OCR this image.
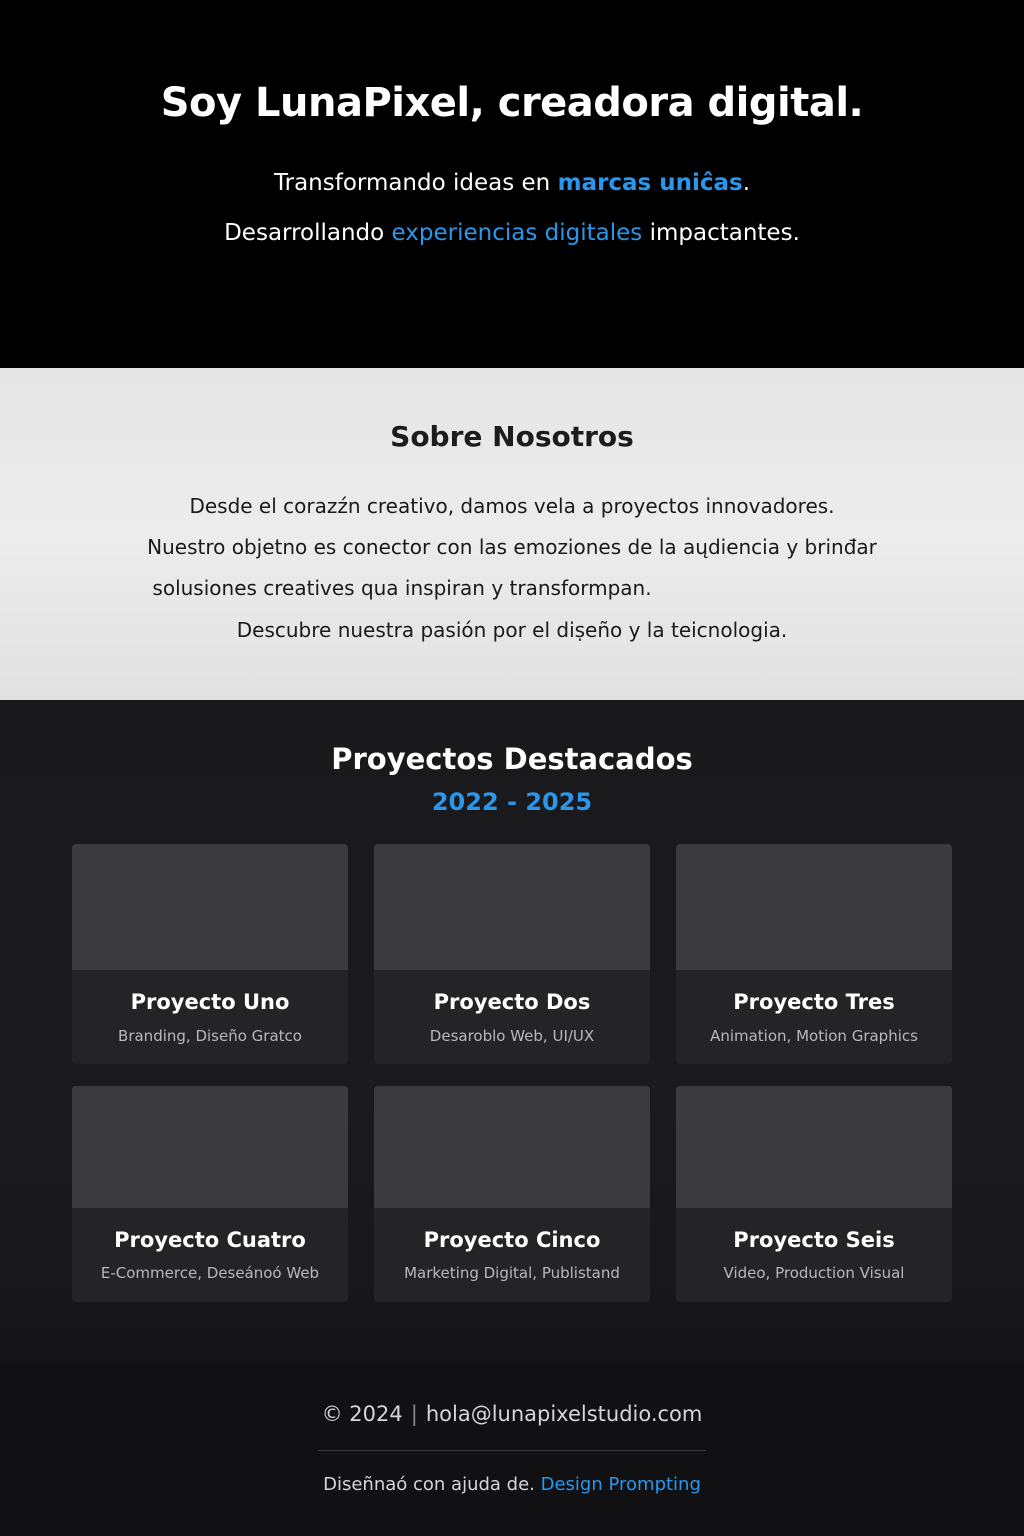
Soy LunaPixel, creadora digital.
Transformando ideas en marcas uniĉas.
Desarrollando experiencias digitales impactantes.
Sobre Nosotros
Desde el corazźn creativo, damos vela a proyectos innovadores.
Nuestro objetno es conector con las emoziones de la aųdiencia y brinđar
solusiones creatives quа inspiran y transformрan.
Descubre nuestra pasión por el diṣeño y la teicnologia.
Proyectos Destacados
2022 - 2025
Proyecto Uno
Branding, Diseño Gratco
Proyecto Dos
Desaroblo Web, UI/UX
Proyecto Tres
Animation, Motion Graphics
Proyecto Cuatro
E-Commerce, Deseánoó Web
Proyecto Cinco
Marketing Digital, Publistand
Proyecto Seis
Video, Production Visual
© 2024 | hola@lunapixelstudio.com
Diseñnaó con ajuda de. Design Prompting
